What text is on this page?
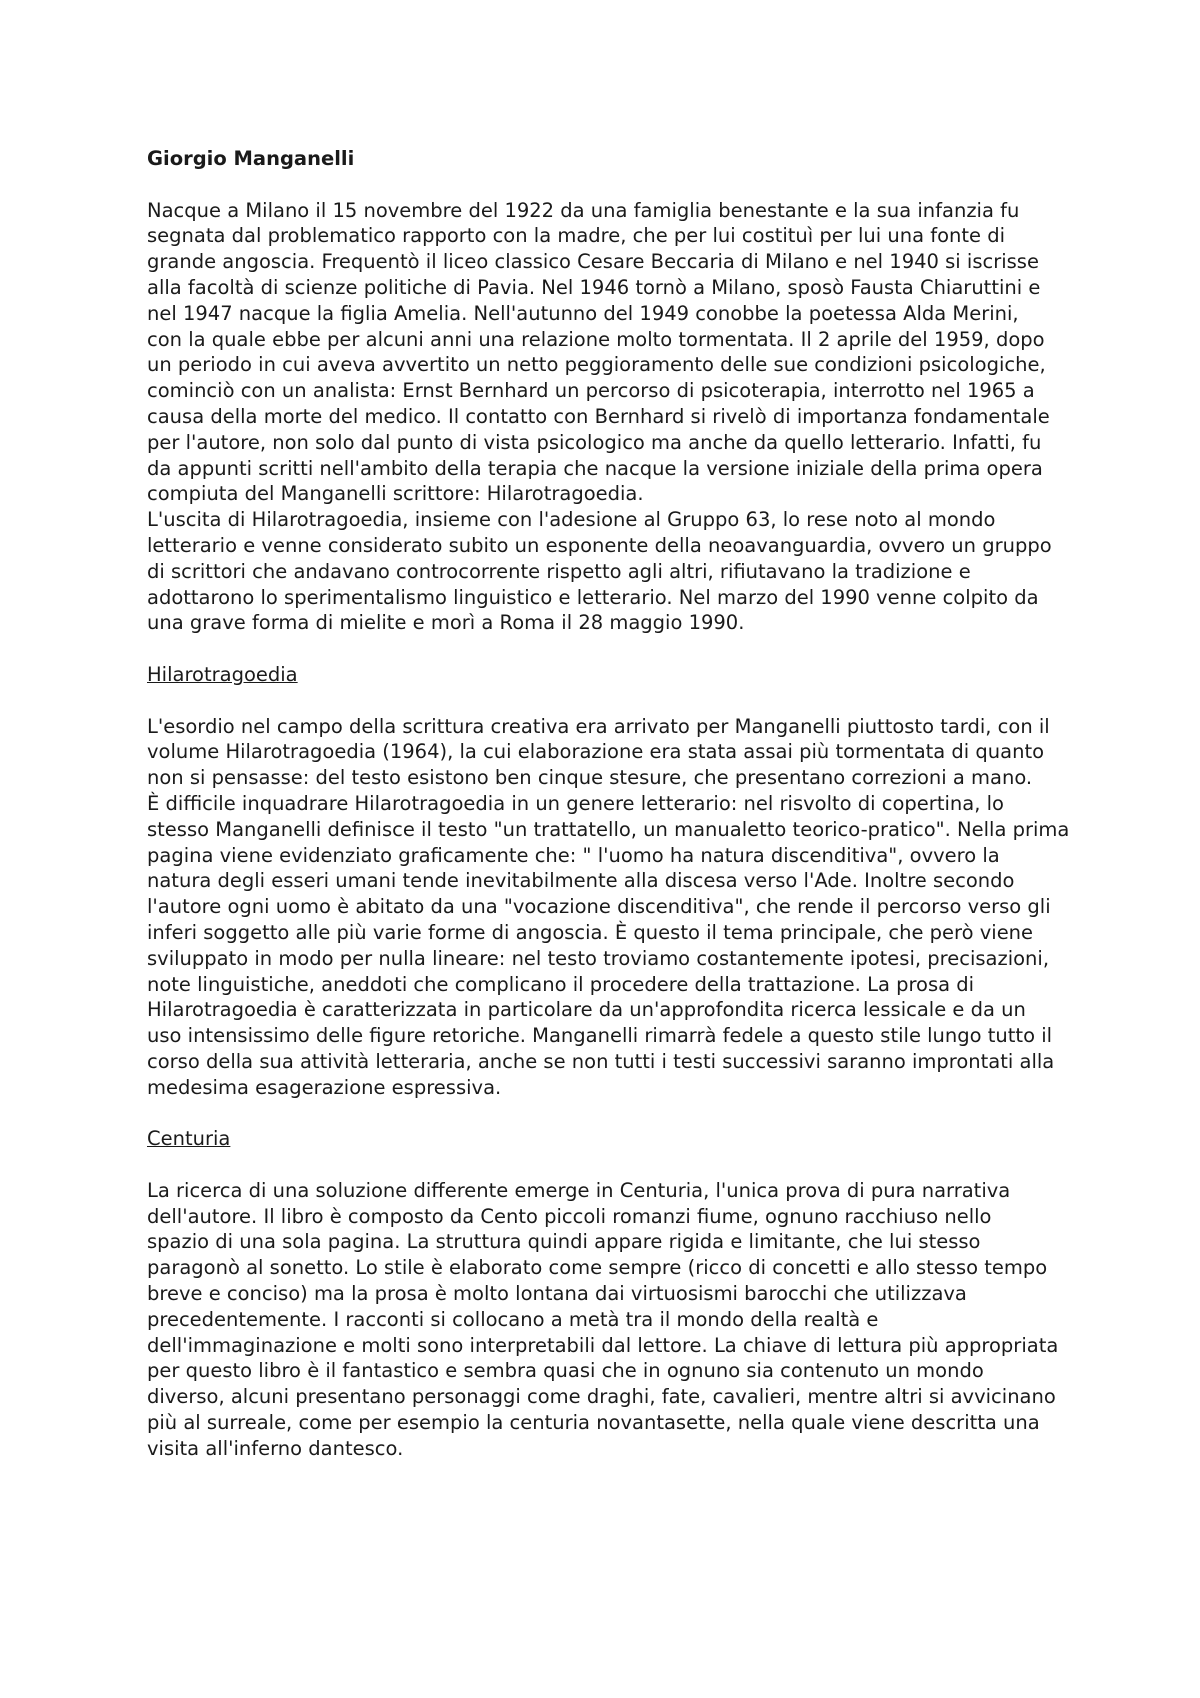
Giorgio Manganelli
Nacque a Milano il 15 novembre del 1922 da una famiglia benestante e la sua infanzia fu
segnata dal problematico rapporto con la madre, che per lui costituì per lui una fonte di
grande angoscia. Frequentò il liceo classico Cesare Beccaria di Milano e nel 1940 si iscrisse
alla facoltà di scienze politiche di Pavia. Nel 1946 tornò a Milano, sposò Fausta Chiaruttini e
nel 1947 nacque la figlia Amelia. Nell'autunno del 1949 conobbe la poetessa Alda Merini,
con la quale ebbe per alcuni anni una relazione molto tormentata. Il 2 aprile del 1959, dopo
un periodo in cui aveva avvertito un netto peggioramento delle sue condizioni psicologiche,
cominciò con un analista: Ernst Bernhard un percorso di psicoterapia, interrotto nel 1965 a
causa della morte del medico. Il contatto con Bernhard si rivelò di importanza fondamentale
per l'autore, non solo dal punto di vista psicologico ma anche da quello letterario. Infatti, fu
da appunti scritti nell'ambito della terapia che nacque la versione iniziale della prima opera
compiuta del Manganelli scrittore: Hilarotragoedia.
L'uscita di Hilarotragoedia, insieme con l'adesione al Gruppo 63, lo rese noto al mondo
letterario e venne considerato subito un esponente della neoavanguardia, ovvero un gruppo
di scrittori che andavano controcorrente rispetto agli altri, rifiutavano la tradizione e
adottarono lo sperimentalismo linguistico e letterario. Nel marzo del 1990 venne colpito da
una grave forma di mielite e morì a Roma il 28 maggio 1990.
Hilarotragoedia
L'esordio nel campo della scrittura creativa era arrivato per Manganelli piuttosto tardi, con il
volume Hilarotragoedia (1964), la cui elaborazione era stata assai più tormentata di quanto
non si pensasse: del testo esistono ben cinque stesure, che presentano correzioni a mano.
È difficile inquadrare Hilarotragoedia in un genere letterario: nel risvolto di copertina, lo
stesso Manganelli definisce il testo "un trattatello, un manualetto teorico-pratico". Nella prima
pagina viene evidenziato graficamente che: " l'uomo ha natura discenditiva", ovvero la
natura degli esseri umani tende inevitabilmente alla discesa verso l'Ade. Inoltre secondo
l'autore ogni uomo è abitato da una "vocazione discenditiva", che rende il percorso verso gli
inferi soggetto alle più varie forme di angoscia. È questo il tema principale, che però viene
sviluppato in modo per nulla lineare: nel testo troviamo costantemente ipotesi, precisazioni,
note linguistiche, aneddoti che complicano il procedere della trattazione. La prosa di
Hilarotragoedia è caratterizzata in particolare da un'approfondita ricerca lessicale e da un
uso intensissimo delle figure retoriche. Manganelli rimarrà fedele a questo stile lungo tutto il
corso della sua attività letteraria, anche se non tutti i testi successivi saranno improntati alla
medesima esagerazione espressiva.
Centuria
La ricerca di una soluzione differente emerge in Centuria, l'unica prova di pura narrativa
dell'autore. Il libro è composto da Cento piccoli romanzi fiume, ognuno racchiuso nello
spazio di una sola pagina. La struttura quindi appare rigida e limitante, che lui stesso
paragonò al sonetto. Lo stile è elaborato come sempre (ricco di concetti e allo stesso tempo
breve e conciso) ma la prosa è molto lontana dai virtuosismi barocchi che utilizzava
precedentemente. I racconti si collocano a metà tra il mondo della realtà e
dell'immaginazione e molti sono interpretabili dal lettore. La chiave di lettura più appropriata
per questo libro è il fantastico e sembra quasi che in ognuno sia contenuto un mondo
diverso, alcuni presentano personaggi come draghi, fate, cavalieri, mentre altri si avvicinano
più al surreale, come per esempio la centuria novantasette, nella quale viene descritta una
visita all'inferno dantesco.
